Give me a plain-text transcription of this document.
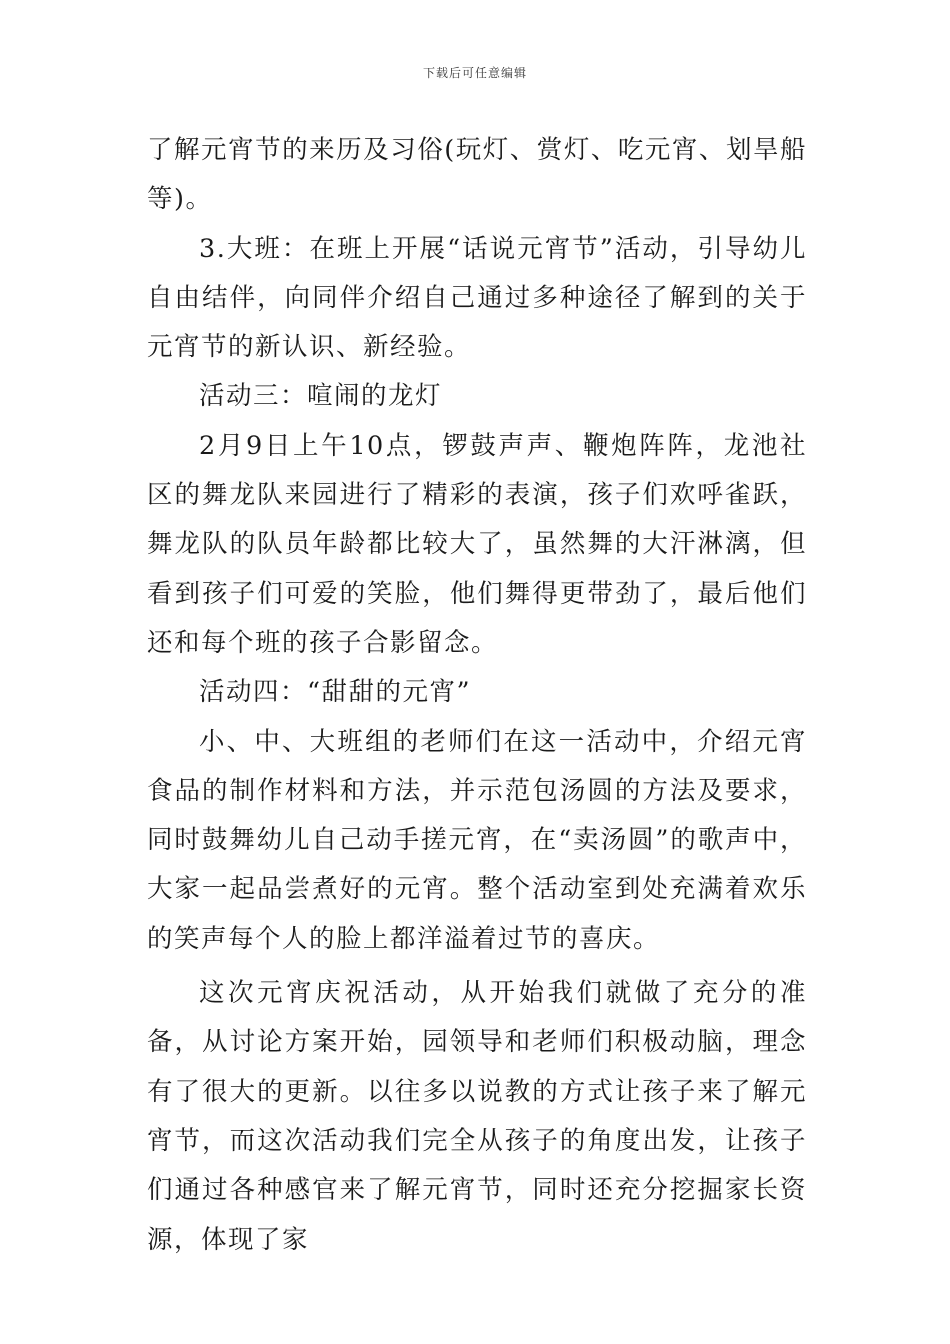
下载后可任意编辑

了解元宵节的来历及习俗(玩灯、赏灯、吃元宵、划旱船等)。

3.大班：在班上开展“话说元宵节”活动，引导幼儿自由结伴，向同伴介绍自己通过多种途径了解到的关于元宵节的新认识、新经验。

活动三：喧闹的龙灯

2月9日上午10点，锣鼓声声、鞭炮阵阵，龙池社区的舞龙队来园进行了精彩的表演，孩子们欢呼雀跃，舞龙队的队员年龄都比较大了，虽然舞的大汗淋漓，但看到孩子们可爱的笑脸，他们舞得更带劲了，最后他们还和每个班的孩子合影留念。

活动四：“甜甜的元宵”

小、中、大班组的老师们在这一活动中，介绍元宵食品的制作材料和方法，并示范包汤圆的方法及要求，同时鼓舞幼儿自己动手搓元宵，在“卖汤圆”的歌声中，大家一起品尝煮好的元宵。整个活动室到处充满着欢乐的笑声每个人的脸上都洋溢着过节的喜庆。

这次元宵庆祝活动，从开始我们就做了充分的准备，从讨论方案开始，园领导和老师们积极动脑，理念有了很大的更新。以往多以说教的方式让孩子来了解元宵节，而这次活动我们完全从孩子的角度出发，让孩子们通过各种感官来了解元宵节，同时还充分挖掘家长资源，体现了家
